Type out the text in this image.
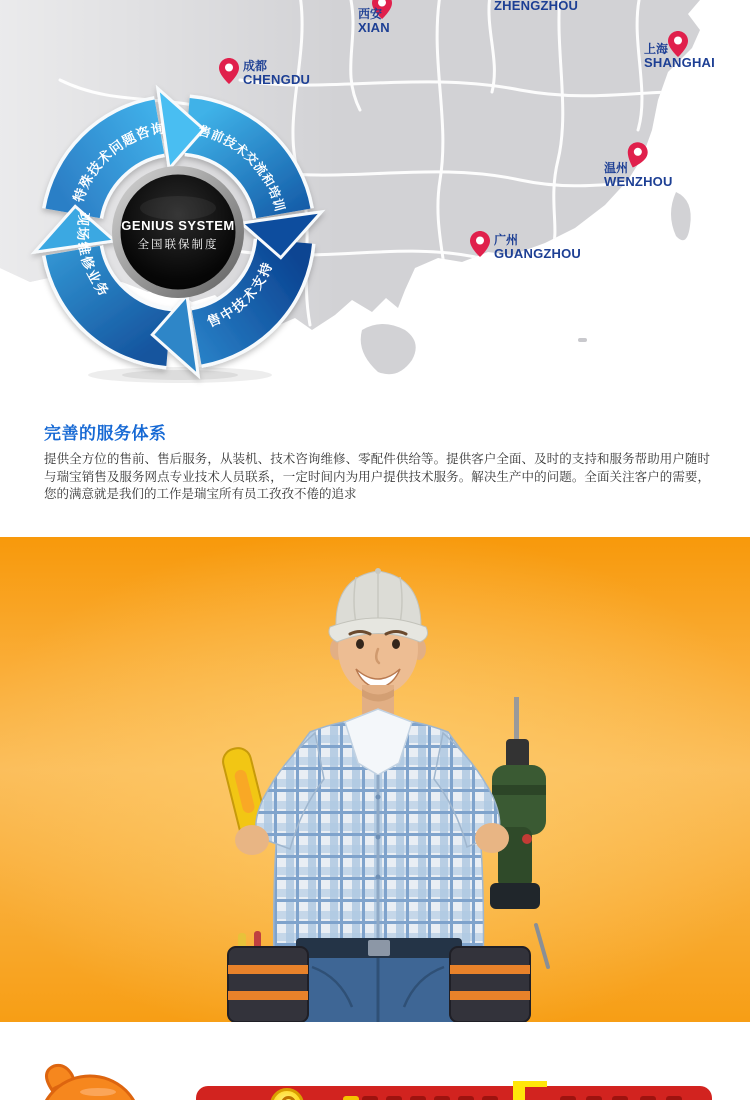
西安
XIAN
ZHENGZHOU
上海
SHANGHAI
成都
CHENGDU
温州
WENZHOU
广州
GUANGZHOU
特殊技术问题咨询 售前技术交流和培训
售中技术支持
现场维修业务
GENIUS SYSTEM
全国联保制度
完善的服务体系

提供全方位的售前、售后服务，从装机、技术咨询维修、零配件供给等。提供客户全面、及时的支持和服务帮助用户随时与瑞宝销售及服务网点专业技术人员联系，一定时间内为用户提供技术服务。解决生产中的问题。全面关注客户的需要，您的满意就是我们的工作是瑞宝所有员工孜孜不倦的追求
